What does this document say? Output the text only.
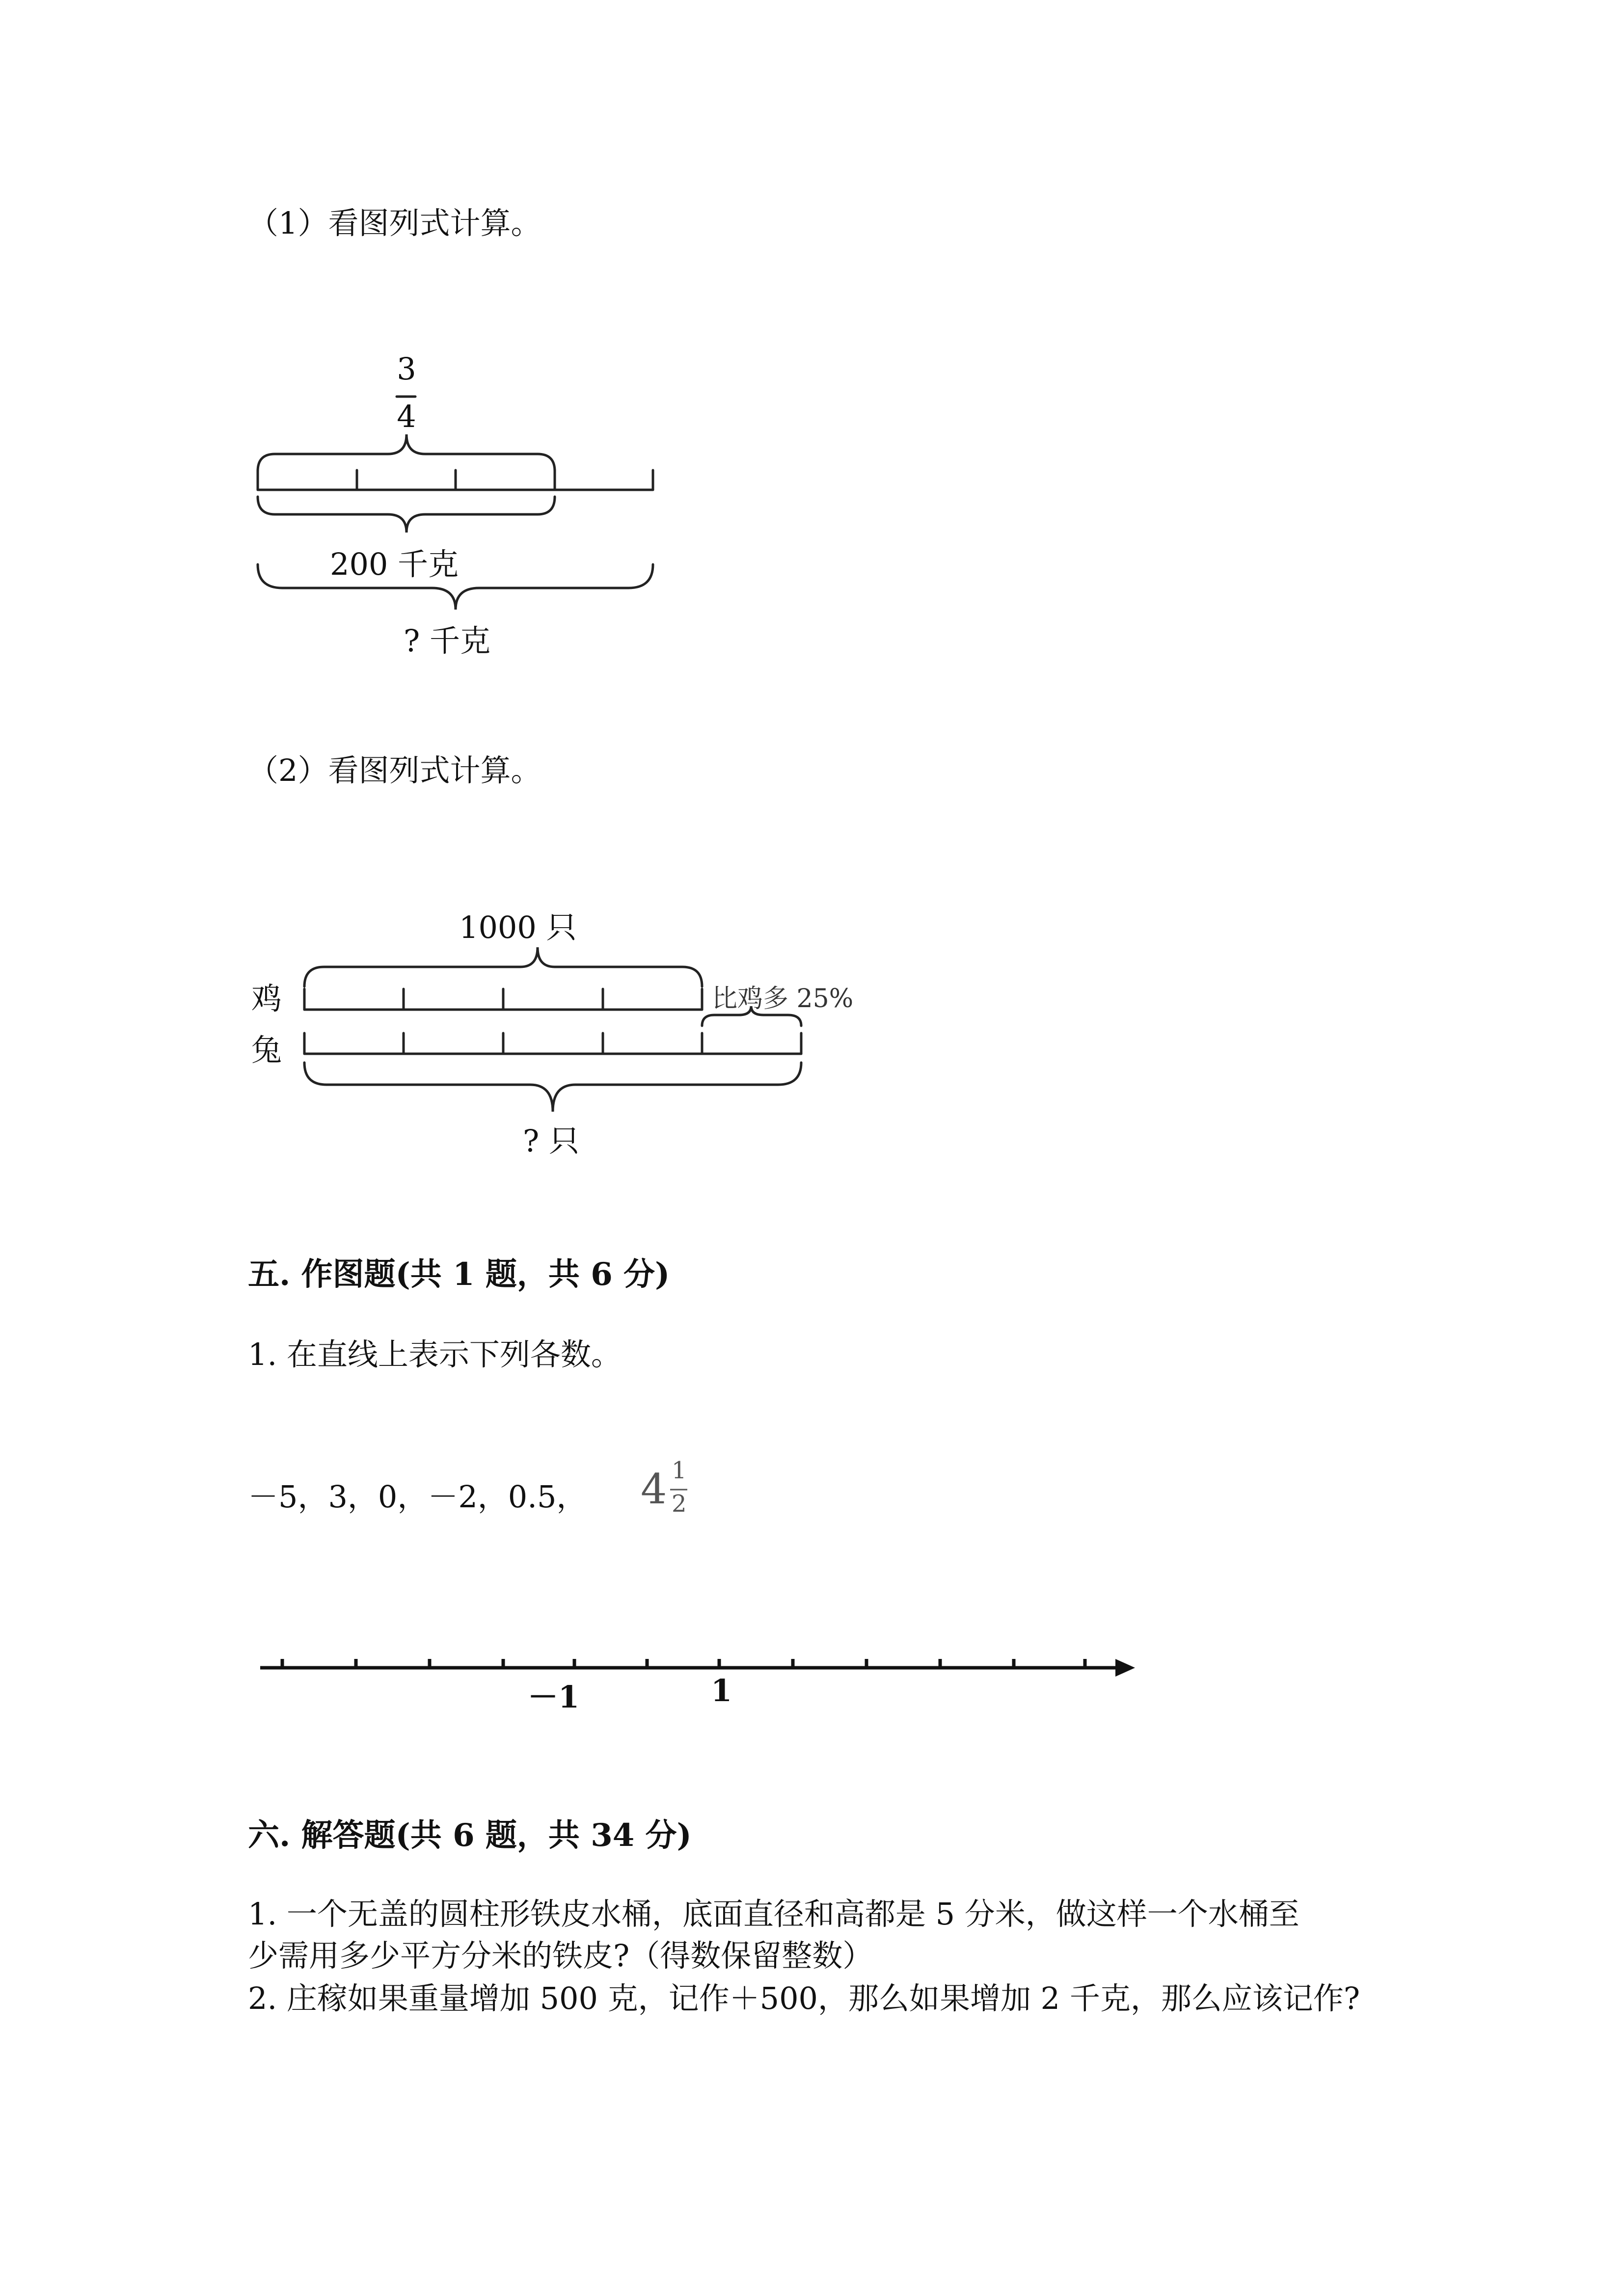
（1）看图列式计算。
3
4
200 千克
? 千克
（2）看图列式计算。
1000 只
鸡
兔
比鸡多 25%
? 只
五. 作图题(共 1 题，共 6 分)
1. 在直线上表示下列各数。
－5，3，0，－2，0.5， 4 1
2
－1	1
六. 解答题(共 6 题，共 34 分)
1. 一个无盖的圆柱形铁皮水桶，底面直径和高都是 5 分米，做这样一个水桶至
少需用多少平方分米的铁皮?（得数保留整数）
2. 庄稼如果重量增加 500 克，记作＋500，那么如果增加 2 千克，那么应该记作?
